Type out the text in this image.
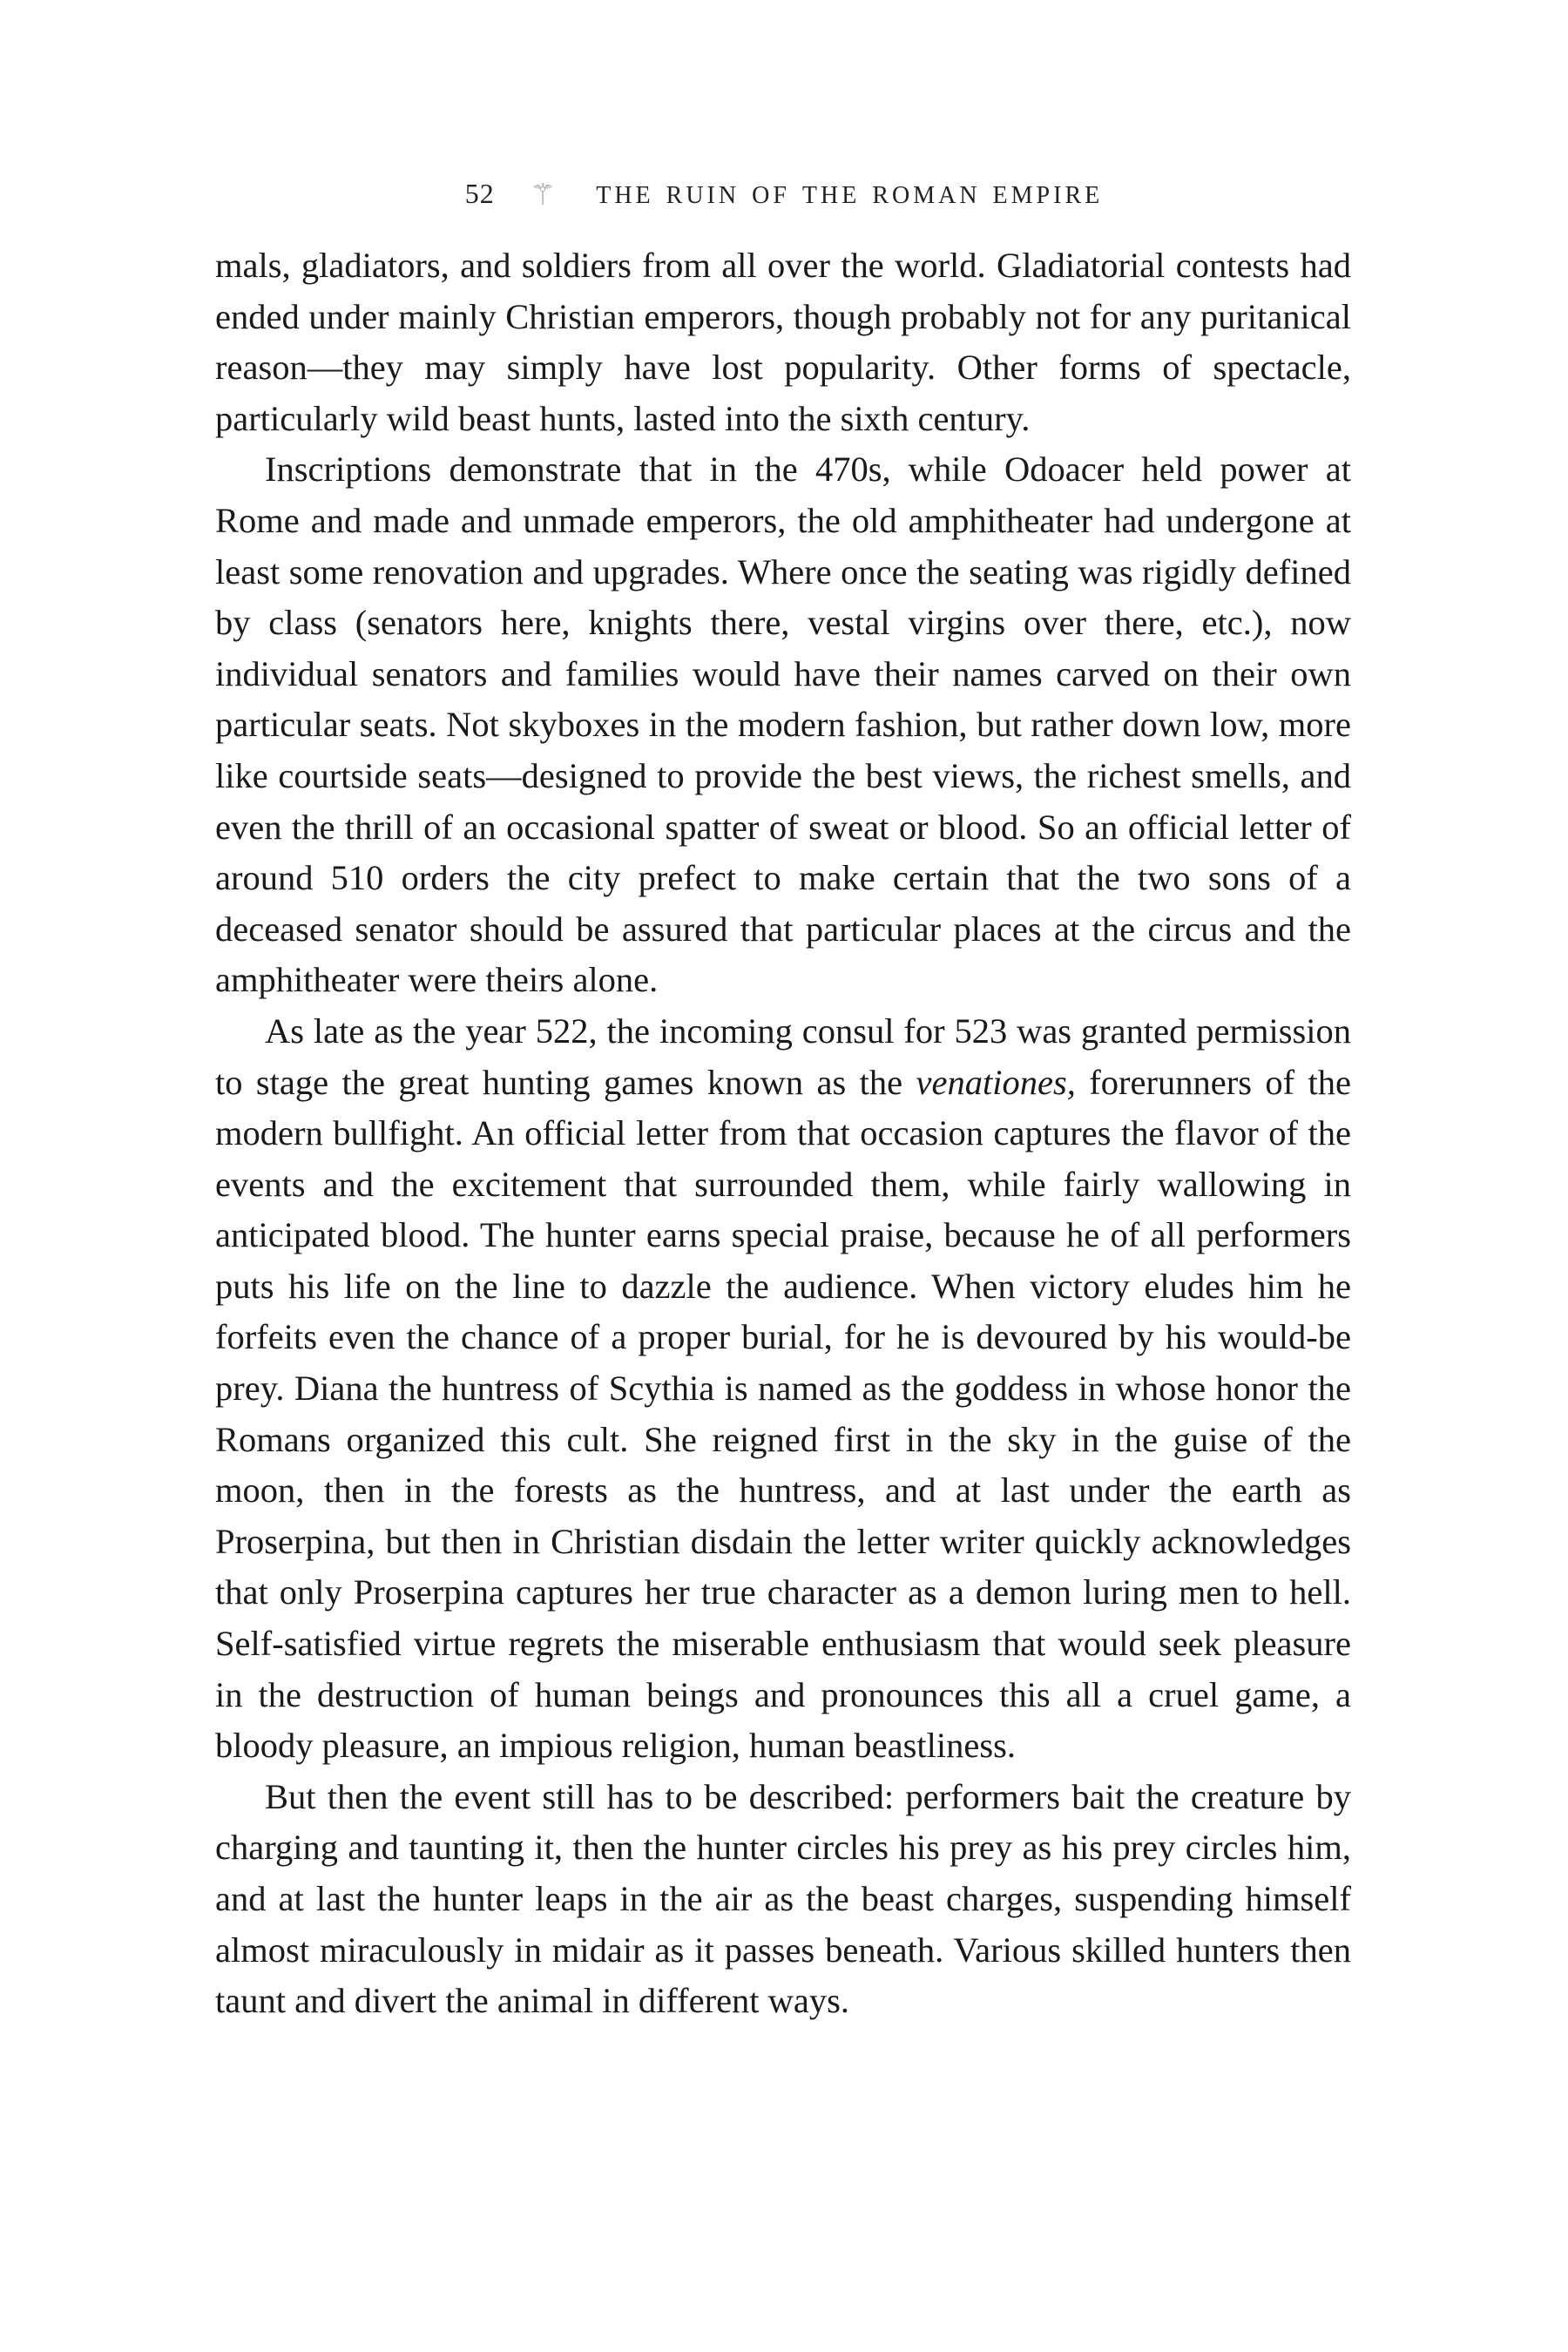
52 ⚚ the ruin of the roman empire

mals, gladiators, and soldiers from all over the world. Gladiatorial contests had ended under mainly Christian emperors, though probably not for any puritanical reason—they may simply have lost popularity. Other forms of spectacle, particularly wild beast hunts, lasted into the sixth century.

Inscriptions demonstrate that in the 470s, while Odoacer held power at Rome and made and unmade emperors, the old amphitheater had undergone at least some renovation and upgrades. Where once the seating was rigidly defined by class (senators here, knights there, vestal virgins over there, etc.), now individual senators and families would have their names carved on their own particular seats. Not skyboxes in the modern fashion, but rather down low, more like courtside seats—designed to provide the best views, the richest smells, and even the thrill of an occasional spatter of sweat or blood. So an official letter of around 510 orders the city prefect to make certain that the two sons of a deceased senator should be assured that particular places at the circus and the amphitheater were theirs alone.

As late as the year 522, the incoming consul for 523 was granted permission to stage the great hunting games known as the venationes, forerunners of the modern bullfight. An official letter from that occasion captures the flavor of the events and the excitement that surrounded them, while fairly wallowing in anticipated blood. The hunter earns special praise, because he of all performers puts his life on the line to dazzle the audience. When victory eludes him he forfeits even the chance of a proper burial, for he is devoured by his would-be prey. Diana the huntress of Scythia is named as the goddess in whose honor the Romans organized this cult. She reigned first in the sky in the guise of the moon, then in the forests as the huntress, and at last under the earth as Proserpina, but then in Christian disdain the letter writer quickly acknowledges that only Proserpina captures her true character as a demon luring men to hell. Self-satisfied virtue regrets the miserable enthusiasm that would seek pleasure in the destruction of human beings and pronounces this all a cruel game, a bloody pleasure, an impious religion, human beastliness.

But then the event still has to be described: performers bait the creature by charging and taunting it, then the hunter circles his prey as his prey circles him, and at last the hunter leaps in the air as the beast charges, suspending himself almost miraculously in midair as it passes beneath. Various skilled hunters then taunt and divert the animal in different ways.
